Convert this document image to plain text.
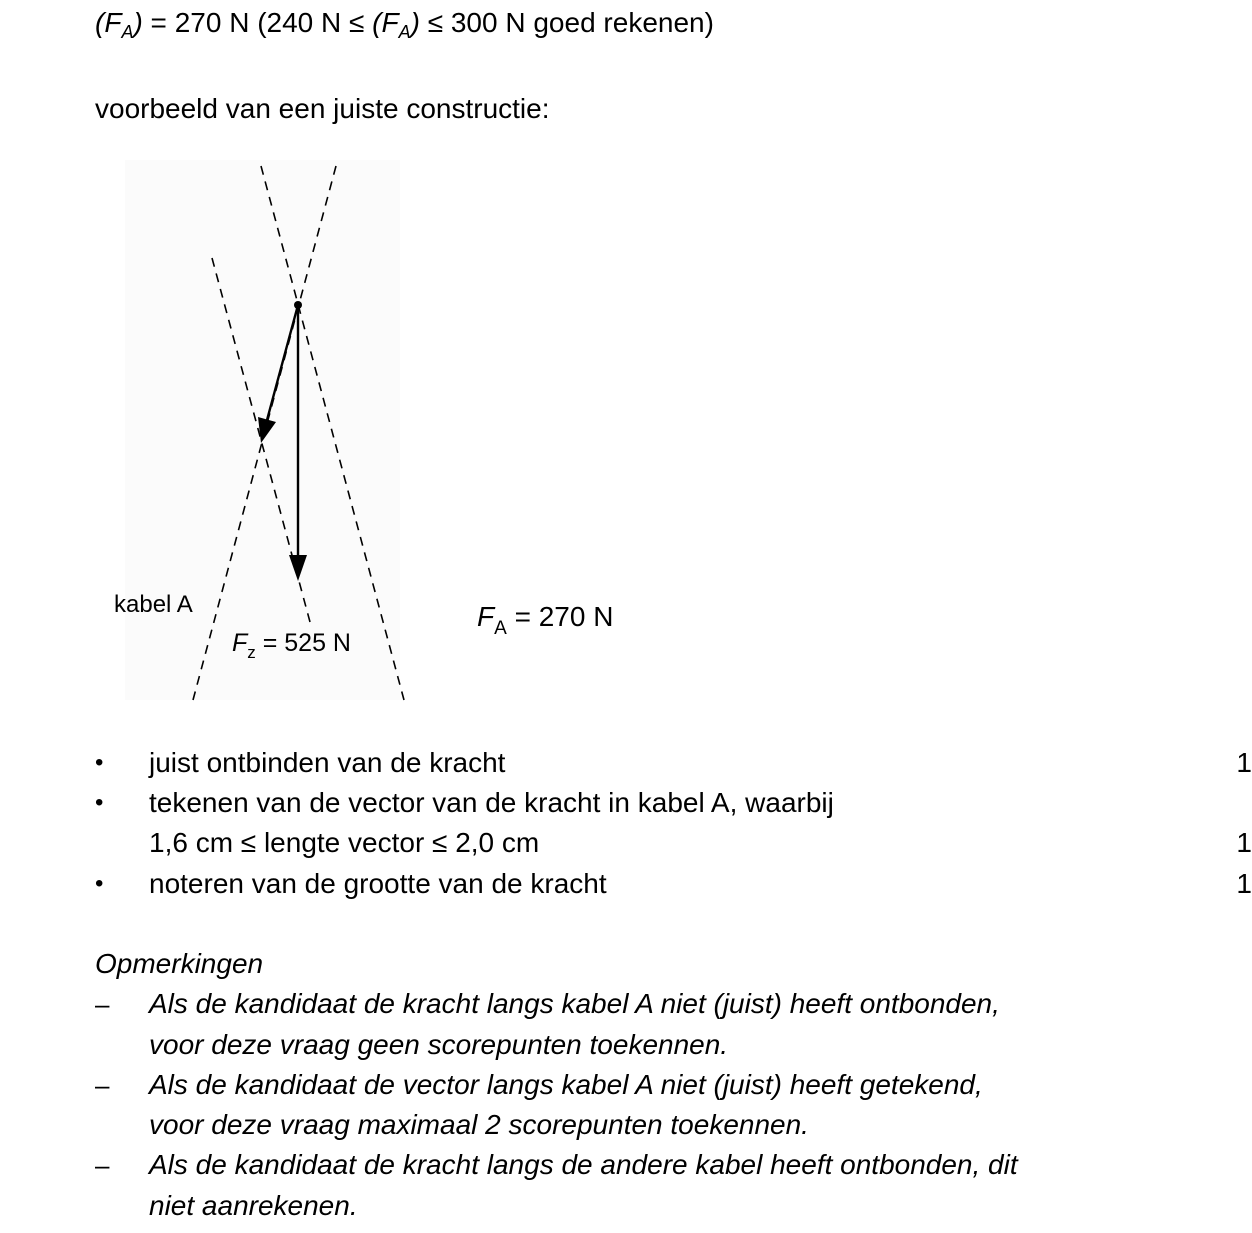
$(F_A) = 270$ N (240 $N \le (F_A) \le 300$ N goed rekenen)
voorbeeld van een juiste constructie:
kabel A
$F_z = 525$ N
$F_A = 270$ N
• juist ontbinden van de kracht	1
• tekenen van de vector van de kracht in kabel A, waarbij
1,6 cm ≤ lengte vector ≤ 2,0 cm	1
• noteren van de grootte van de kracht	1
Opmerkingen
– Als de kandidaat de kracht langs kabel A niet (juist) heeft ontbonden,
voor deze vraag geen scorepunten toekennen.
– Als de kandidaat de vector langs kabel A niet (juist) heeft getekend,
voor deze vraag maximaal 2 scorepunten toekennen.
– Als de kandidaat de kracht langs de andere kabel heeft ontbonden, dit
niet aanrekenen.
